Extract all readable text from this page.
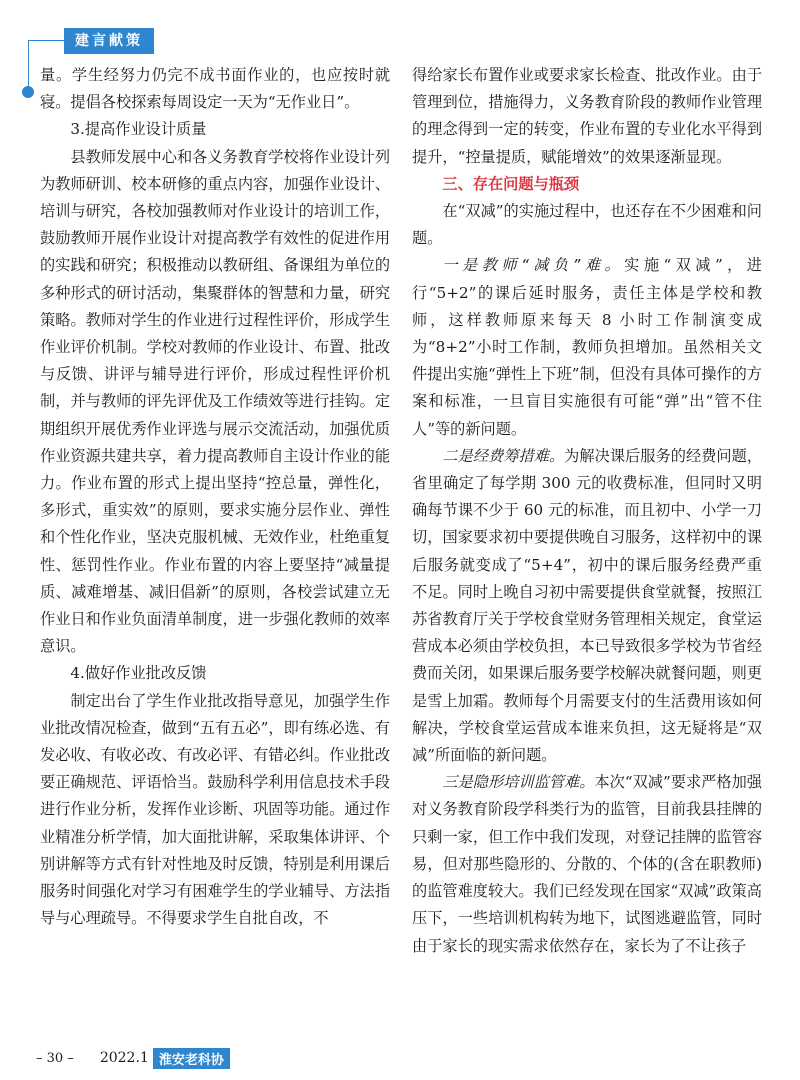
建言献策

量。学生经努力仍完不成书面作业的，也应按时就寝。提倡各校探索每周设定一天为“无作业日”。

3.提高作业设计质量

县教师发展中心和各义务教育学校将作业设计列为教师研训、校本研修的重点内容，加强作业设计、培训与研究，各校加强教师对作业设计的培训工作，鼓励教师开展作业设计对提高教学有效性的促进作用的实践和研究；积极推动以教研组、备课组为单位的多种形式的研讨活动，集聚群体的智慧和力量，研究策略。教师对学生的作业进行过程性评价，形成学生作业评价机制。学校对教师的作业设计、布置、批改与反馈、讲评与辅导进行评价，形成过程性评价机制，并与教师的评先评优及工作绩效等进行挂钩。定期组织开展优秀作业评选与展示交流活动，加强优质作业资源共建共享，着力提高教师自主设计作业的能力。作业布置的形式上提出坚持“控总量，弹性化，多形式，重实效”的原则，要求实施分层作业、弹性和个性化作业，坚决克服机械、无效作业，杜绝重复性、惩罚性作业。作业布置的内容上要坚持“减量提质、减难增基、减旧倡新”的原则，各校尝试建立无作业日和作业负面清单制度，进一步强化教师的效率意识。

4.做好作业批改反馈

制定出台了学生作业批改指导意见，加强学生作业批改情况检查，做到“五有五必”，即有练必选、有发必收、有收必改、有改必评、有错必纠。作业批改要正确规范、评语恰当。鼓励科学利用信息技术手段进行作业分析，发挥作业诊断、巩固等功能。通过作业精准分析学情，加大面批讲解，采取集体讲评、个别讲解等方式有针对性地及时反馈，特别是利用课后服务时间强化对学习有困难学生的学业辅导、方法指导与心理疏导。不得要求学生自批自改，不

得给家长布置作业或要求家长检查、批改作业。由于管理到位，措施得力，义务教育阶段的教师作业管理的理念得到一定的转变，作业布置的专业化水平得到提升，“控量提质，赋能增效”的效果逐渐显现。

三、存在问题与瓶颈

在“双减”的实施过程中，也还存在不少困难和问题。

一是教师“减负”难。实施“双减”，进行“5+2”的课后延时服务，责任主体是学校和教师，这样教师原来每天 8 小时工作制演变成为“8+2”小时工作制，教师负担增加。虽然相关文件提出实施“弹性上下班”制，但没有具体可操作的方案和标准，一旦盲目实施很有可能“弹”出“管不住人”等的新问题。

二是经费筹措难。为解决课后服务的经费问题，省里确定了每学期 300 元的收费标准，但同时又明确每节课不少于 60 元的标准，而且初中、小学一刀切，国家要求初中要提供晚自习服务，这样初中的课后服务就变成了“5+4”，初中的课后服务经费严重不足。同时上晚自习初中需要提供食堂就餐，按照江苏省教育厅关于学校食堂财务管理相关规定，食堂运营成本必须由学校负担，本已导致很多学校为节省经费而关闭，如果课后服务要学校解决就餐问题，则更是雪上加霜。教师每个月需要支付的生活费用该如何解决，学校食堂运营成本谁来负担，这无疑将是“双减”所面临的新问题。

三是隐形培训监管难。本次“双减”要求严格加强对义务教育阶段学科类行为的监管，目前我县挂牌的只剩一家，但工作中我们发现，对登记挂牌的监管容易，但对那些隐形的、分散的、个体的(含在职教师)的监管难度较大。我们已经发现在国家“双减”政策高压下，一些培训机构转为地下，试图逃避监管，同时由于家长的现实需求依然存在，家长为了不让孩子

– 30 – 2022.1 淮安老科协
